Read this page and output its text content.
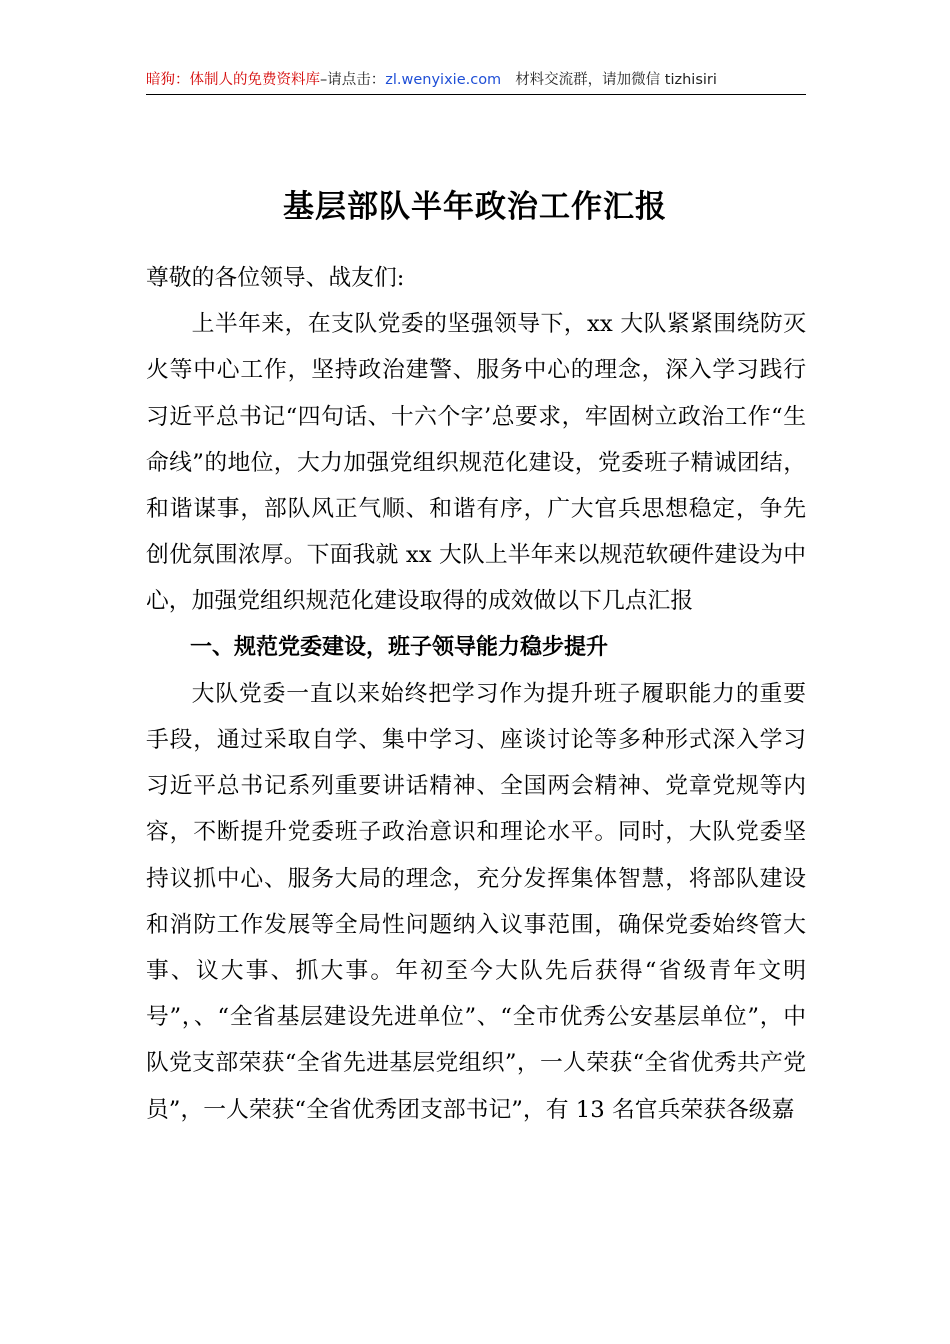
暗狗：体制人的免费资料库–请点击：zl.wenyixie.com 材料交流群，请加微信 tizhisiri
基层部队半年政治工作汇报

尊敬的各位领导、战友们:

上半年来，在支队党委的坚强领导下，xx 大队紧紧围绕防灭火等中心工作，坚持政治建警、服务中心的理念，深入学习践行习近平总书记“四句话、十六个字’总要求，牢固树立政治工作“生命线”的地位，大力加强党组织规范化建设，党委班子精诚团结，和谐谋事，部队风正气顺、和谐有序，广大官兵思想稳定，争先创优氛围浓厚。下面我就 xx 大队上半年来以规范软硬件建设为中心，加强党组织规范化建设取得的成效做以下几点汇报

一、规范党委建设，班子领导能力稳步提升

大队党委一直以来始终把学习作为提升班子履职能力的重要手段，通过采取自学、集中学习、座谈讨论等多种形式深入学习习近平总书记系列重要讲话精神、全国两会精神、党章党规等内容，不断提升党委班子政治意识和理论水平。同时，大队党委坚持议抓中心、服务大局的理念，充分发挥集体智慧，将部队建设和消防工作发展等全局性问题纳入议事范围，确保党委始终管大事、议大事、抓大事。年初至今大队先后获得“省级青年文明号”，、“全省基层建设先进单位”、“全市优秀公安基层单位”，中队党支部荣获“全省先进基层党组织”，一人荣获“全省优秀共产党员”，一人荣获“全省优秀团支部书记”，有 13 名官兵荣获各级嘉
